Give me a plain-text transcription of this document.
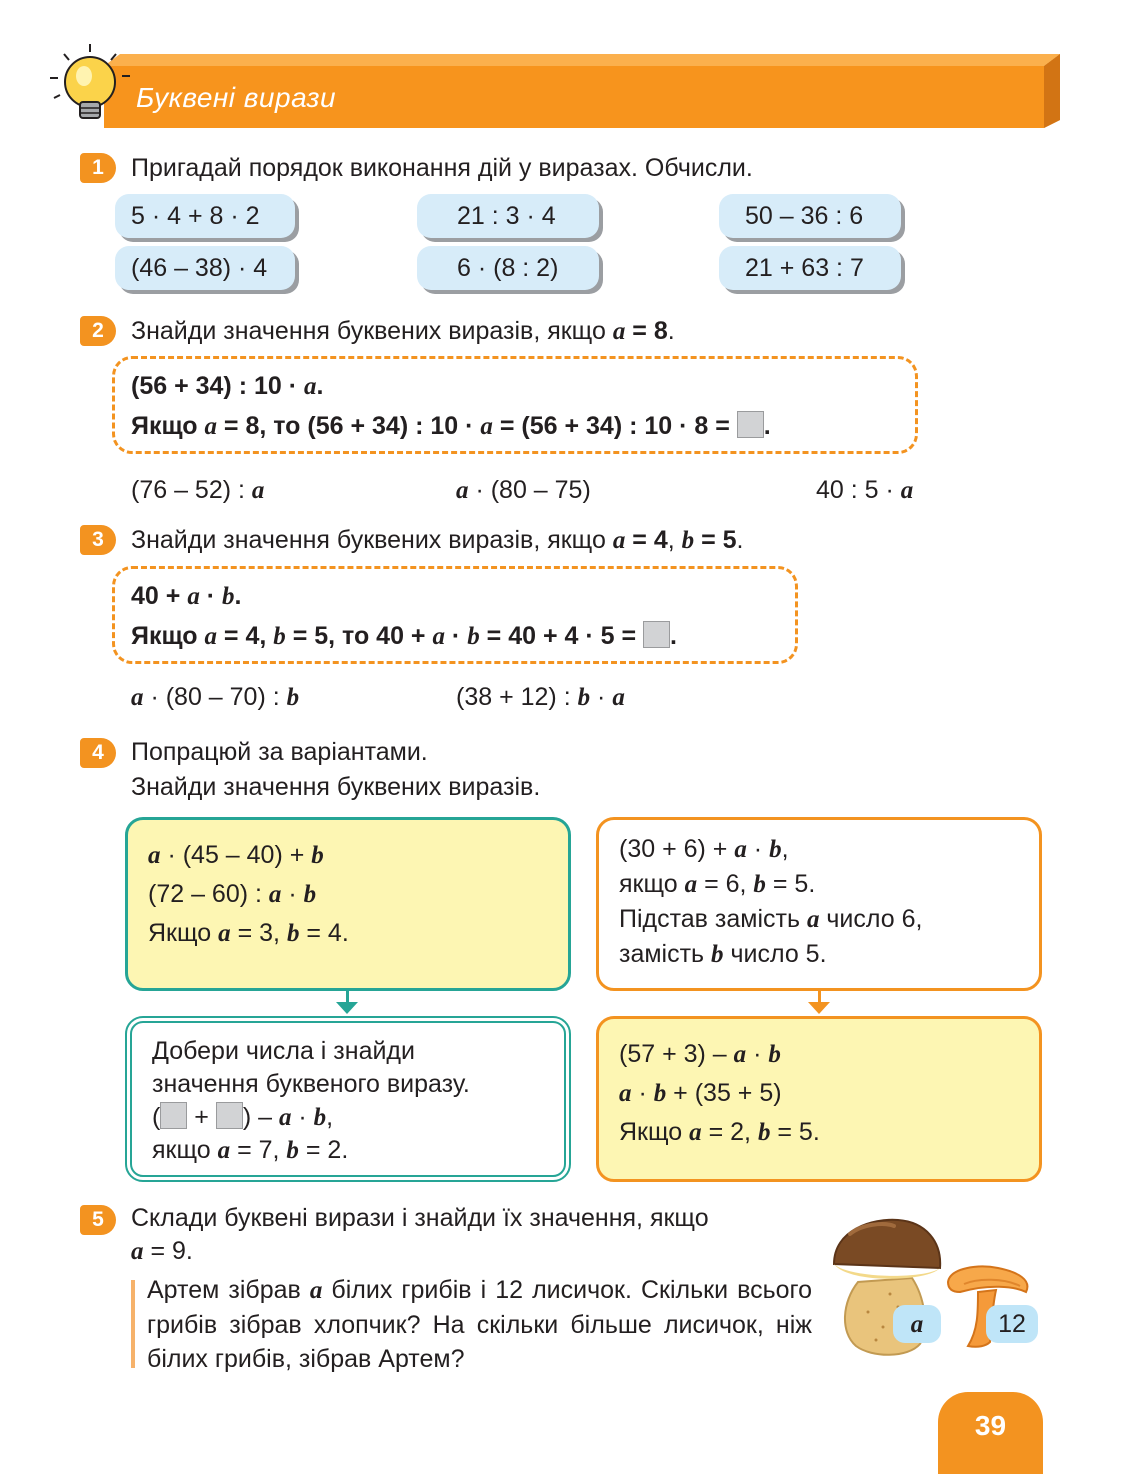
Буквені вирази
1	Пригадай порядок виконання дій у виразах. Обчисли.
5 · 4 + 8 · 2	21 : 3 · 4	50 – 36 : 6
(46 – 38) · 4	6 · (8 : 2)	21 + 63 : 7
2	Знайди значення буквених виразів, якщо a = 8.
(56 + 34) : 10 · a.
Якщо a = 8, то (56 + 34) : 10 · a = (56 + 34) : 10 · 8 = .
(76 – 52) : a	a · (80 – 75)	40 : 5 · a
3	Знайди значення буквених виразів, якщо a = 4, b = 5.
40 + a · b.
Якщо a = 4, b = 5, то 40 + a · b = 40 + 4 · 5 = .
a · (80 – 70) : b	(38 + 12) : b · a
4	Попрацюй за варіантами.
Знайди значення буквених виразів.
a · (45 – 40) + b
(72 – 60) : a · b
Якщо a = 3, b = 4.
(30 + 6) + a · b,
якщо a = 6, b = 5.
Підстав замість a число 6,
замість b число 5.
Добери числа і знайди
значення буквеного виразу.
( + ) – a · b,
якщо a = 7, b = 2.
(57 + 3) – a · b
a · b + (35 + 5)
Якщо a = 2, b = 5.
5	Склади буквені вирази і знайди їх значення, якщо
a = 9.
Артем зібрав a білих грибів і 12 лисичок. Скільки всього грибів зібрав хлопчик? На скільки більше лисичок, ніж білих грибів, зібрав Артем?
a	12
39
